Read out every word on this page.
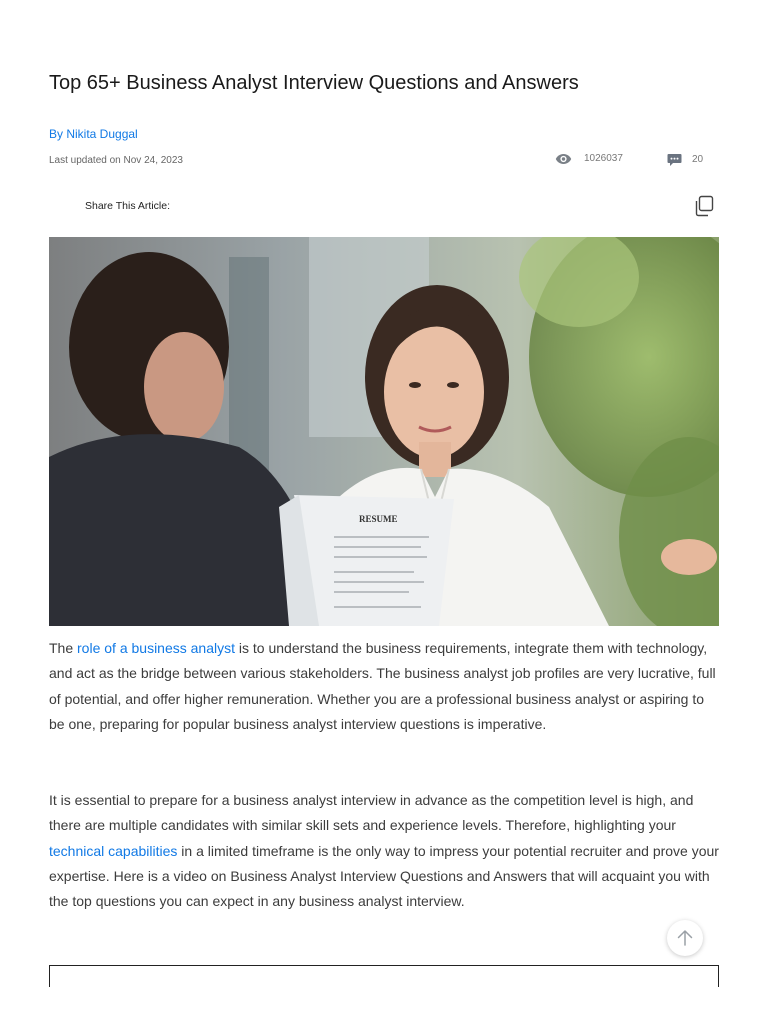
Top 65+ Business Analyst Interview Questions and Answers
By Nikita Duggal
Last updated on Nov 24, 2023	1026037	20
Share This Article:
RESUME

The role of a business analyst is to understand the business requirements, integrate them with technology, and act as the bridge between various stakeholders. The business analyst job profiles are very lucrative, full of potential, and offer higher remuneration. Whether you are a professional business analyst or aspiring to be one, preparing for popular business analyst interview questions is imperative.

It is essential to prepare for a business analyst interview in advance as the competition level is high, and there are multiple candidates with similar skill sets and experience levels. Therefore, highlighting your technical capabilities in a limited timeframe is the only way to impress your potential recruiter and prove your expertise. Here is a video on Business Analyst Interview Questions and Answers that will acquaint you with the top questions you can expect in any business analyst interview.
